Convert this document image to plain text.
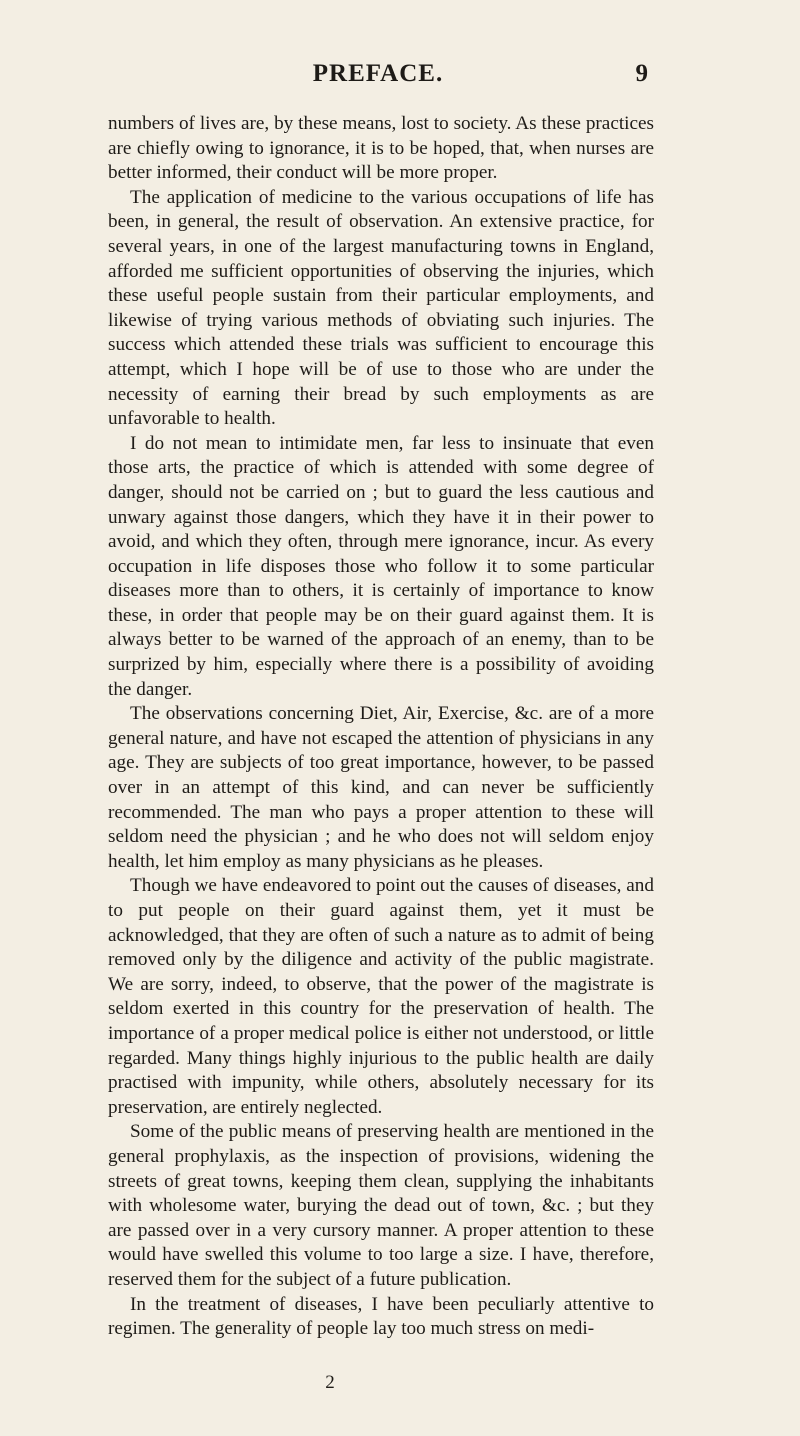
PREFACE.	9

numbers of lives are, by these means, lost to society. As these practices are chiefly owing to ignorance, it is to be hoped, that, when nurses are better informed, their conduct will be more proper.

The application of medicine to the various occupations of life has been, in general, the result of observation. An extensive practice, for several years, in one of the largest manufacturing towns in England, afforded me sufficient opportunities of observing the injuries, which these useful people sustain from their particular employments, and likewise of trying various methods of obviating such injuries. The success which attended these trials was sufficient to encourage this attempt, which I hope will be of use to those who are under the necessity of earning their bread by such employments as are unfavorable to health.

I do not mean to intimidate men, far less to insinuate that even those arts, the practice of which is attended with some degree of danger, should not be carried on ; but to guard the less cautious and unwary against those dangers, which they have it in their power to avoid, and which they often, through mere ignorance, incur. As every occupation in life disposes those who follow it to some particular diseases more than to others, it is certainly of importance to know these, in order that people may be on their guard against them. It is always better to be warned of the approach of an enemy, than to be surprized by him, especially where there is a possibility of avoiding the danger.

The observations concerning Diet, Air, Exercise, &c. are of a more general nature, and have not escaped the attention of physicians in any age. They are subjects of too great importance, however, to be passed over in an attempt of this kind, and can never be sufficiently recommended. The man who pays a proper attention to these will seldom need the physician ; and he who does not will seldom enjoy health, let him employ as many physicians as he pleases.

Though we have endeavored to point out the causes of diseases, and to put people on their guard against them, yet it must be acknowledged, that they are often of such a nature as to admit of being removed only by the diligence and activity of the public magistrate. We are sorry, indeed, to observe, that the power of the magistrate is seldom exerted in this country for the preservation of health. The importance of a proper medical police is either not understood, or little regarded. Many things highly injurious to the public health are daily practised with impunity, while others, absolutely necessary for its preservation, are entirely neglected.

Some of the public means of preserving health are mentioned in the general prophylaxis, as the inspection of provisions, widening the streets of great towns, keeping them clean, supplying the inhabitants with wholesome water, burying the dead out of town, &c. ; but they are passed over in a very cursory manner. A proper attention to these would have swelled this volume to too large a size. I have, therefore, reserved them for the subject of a future publication.

In the treatment of diseases, I have been peculiarly attentive to regimen. The generality of people lay too much stress on medi-

2
